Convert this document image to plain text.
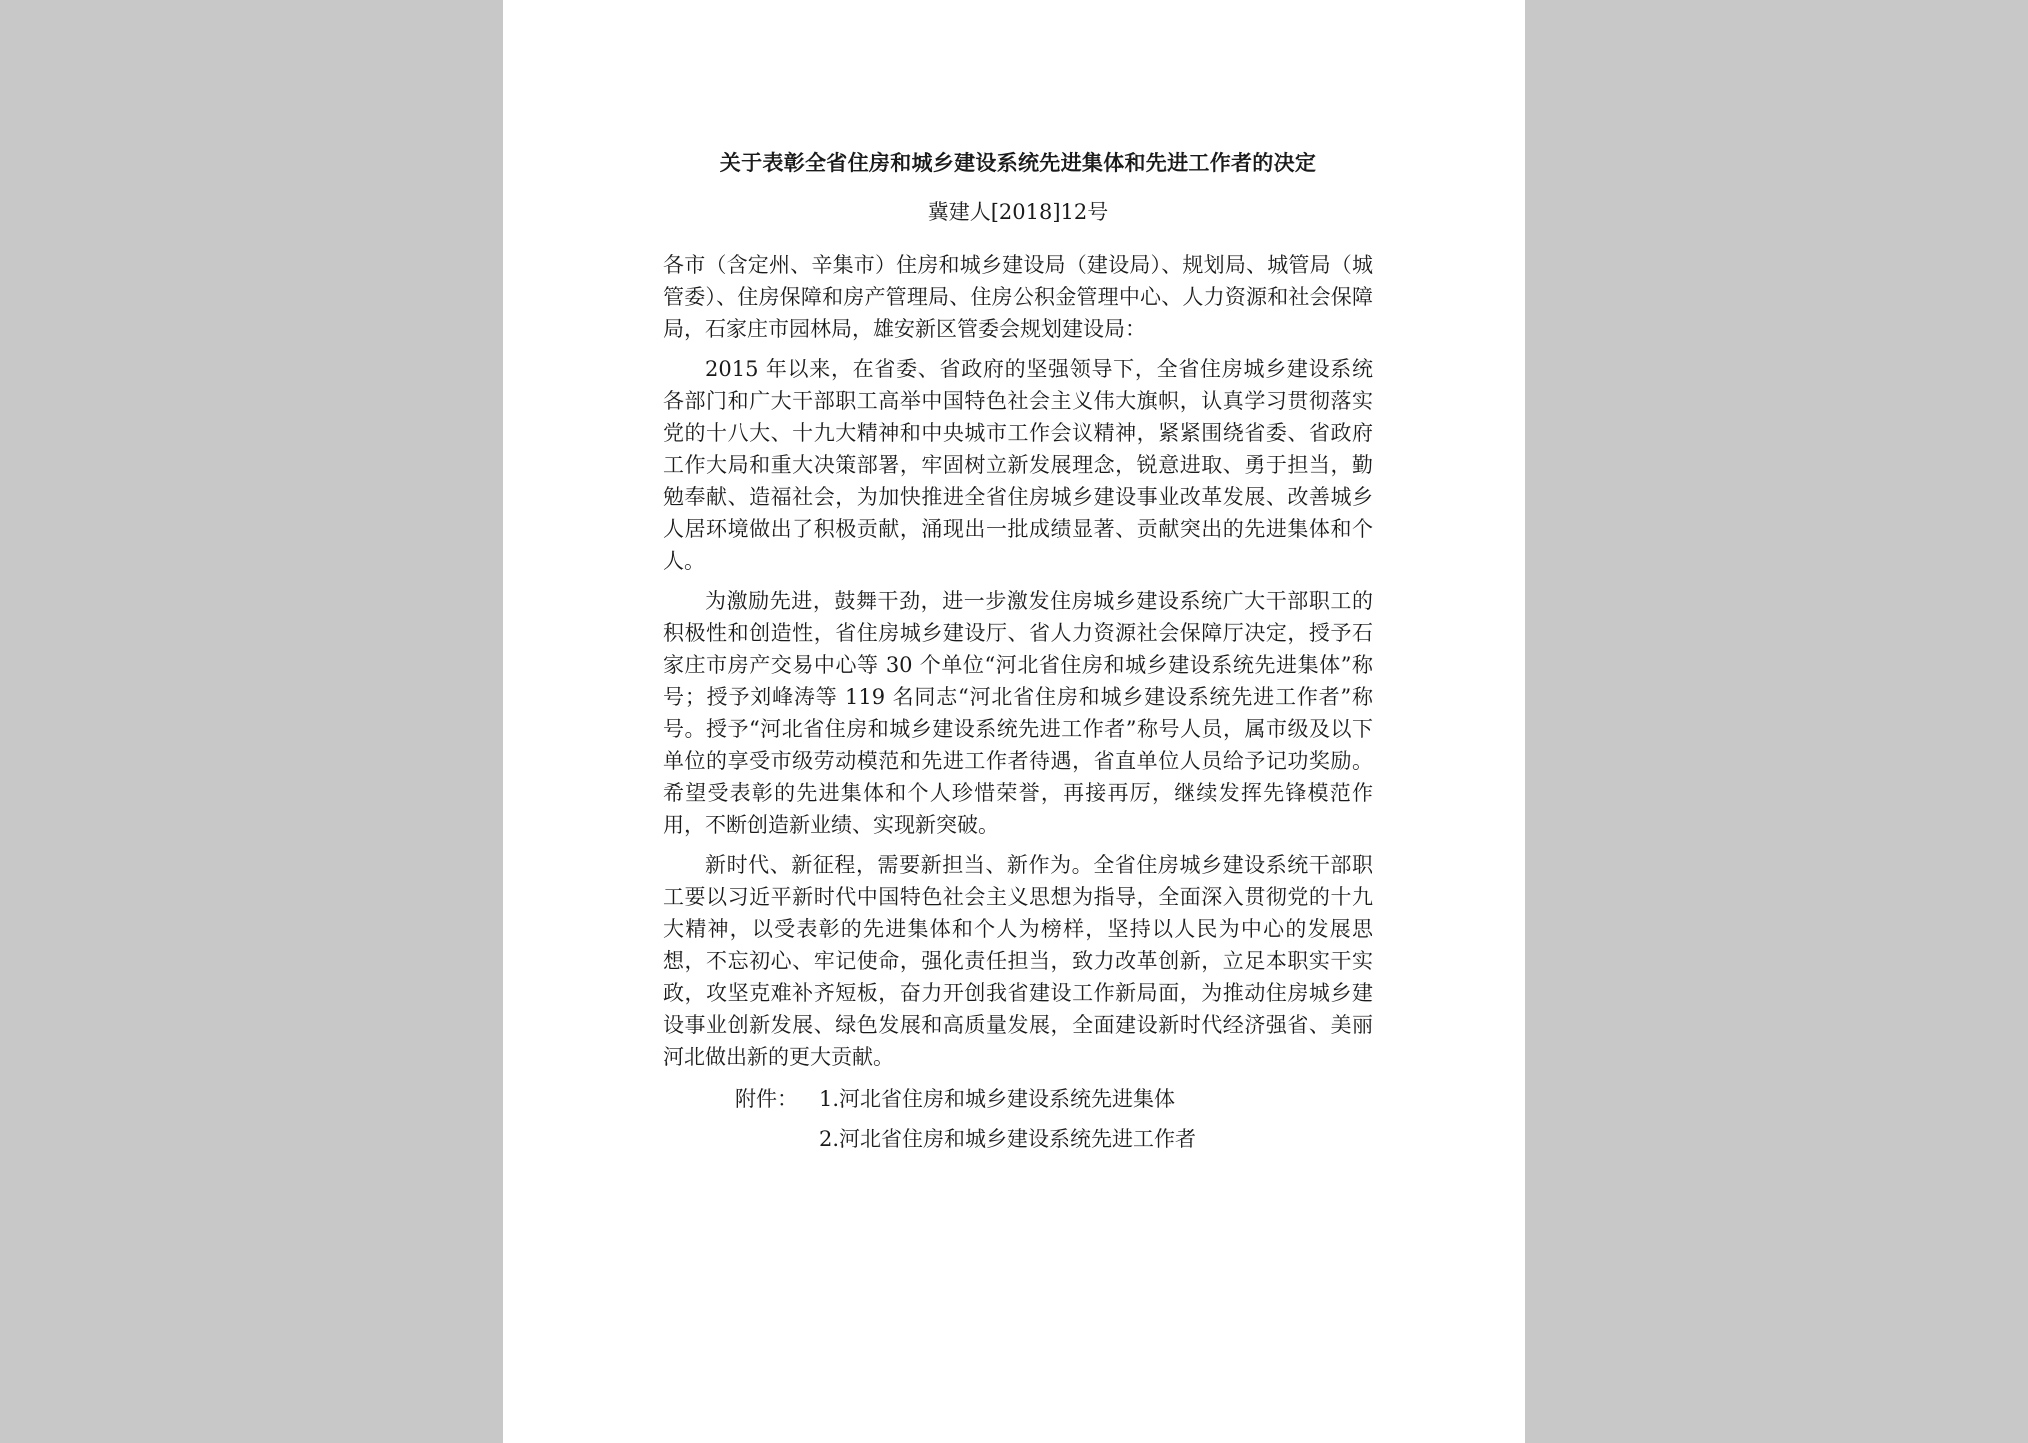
关于表彰全省住房和城乡建设系统先进集体和先进工作者的决定
冀建人[2018]12号

各市（含定州、辛集市）住房和城乡建设局（建设局）、规划局、城管局（城管委）、住房保障和房产管理局、住房公积金管理中心、人力资源和社会保障局，石家庄市园林局，雄安新区管委会规划建设局：

2015 年以来，在省委、省政府的坚强领导下，全省住房城乡建设系统各部门和广大干部职工高举中国特色社会主义伟大旗帜，认真学习贯彻落实党的十八大、十九大精神和中央城市工作会议精神，紧紧围绕省委、省政府工作大局和重大决策部署，牢固树立新发展理念，锐意进取、勇于担当，勤勉奉献、造福社会，为加快推进全省住房城乡建设事业改革发展、改善城乡人居环境做出了积极贡献，涌现出一批成绩显著、贡献突出的先进集体和个人。

为激励先进，鼓舞干劲，进一步激发住房城乡建设系统广大干部职工的积极性和创造性，省住房城乡建设厅、省人力资源社会保障厅决定，授予石家庄市房产交易中心等 30 个单位“河北省住房和城乡建设系统先进集体”称号；授予刘峰涛等 119 名同志“河北省住房和城乡建设系统先进工作者”称号。授予“河北省住房和城乡建设系统先进工作者”称号人员，属市级及以下单位的享受市级劳动模范和先进工作者待遇，省直单位人员给予记功奖励。希望受表彰的先进集体和个人珍惜荣誉，再接再厉，继续发挥先锋模范作用，不断创造新业绩、实现新突破。

新时代、新征程，需要新担当、新作为。全省住房城乡建设系统干部职工要以习近平新时代中国特色社会主义思想为指导，全面深入贯彻党的十九大精神，以受表彰的先进集体和个人为榜样，坚持以人民为中心的发展思想，不忘初心、牢记使命，强化责任担当，致力改革创新，立足本职实干实政，攻坚克难补齐短板，奋力开创我省建设工作新局面，为推动住房城乡建设事业创新发展、绿色发展和高质量发展，全面建设新时代经济强省、美丽河北做出新的更大贡献。

附件：	1.河北省住房和城乡建设系统先进集体
2.河北省住房和城乡建设系统先进工作者
